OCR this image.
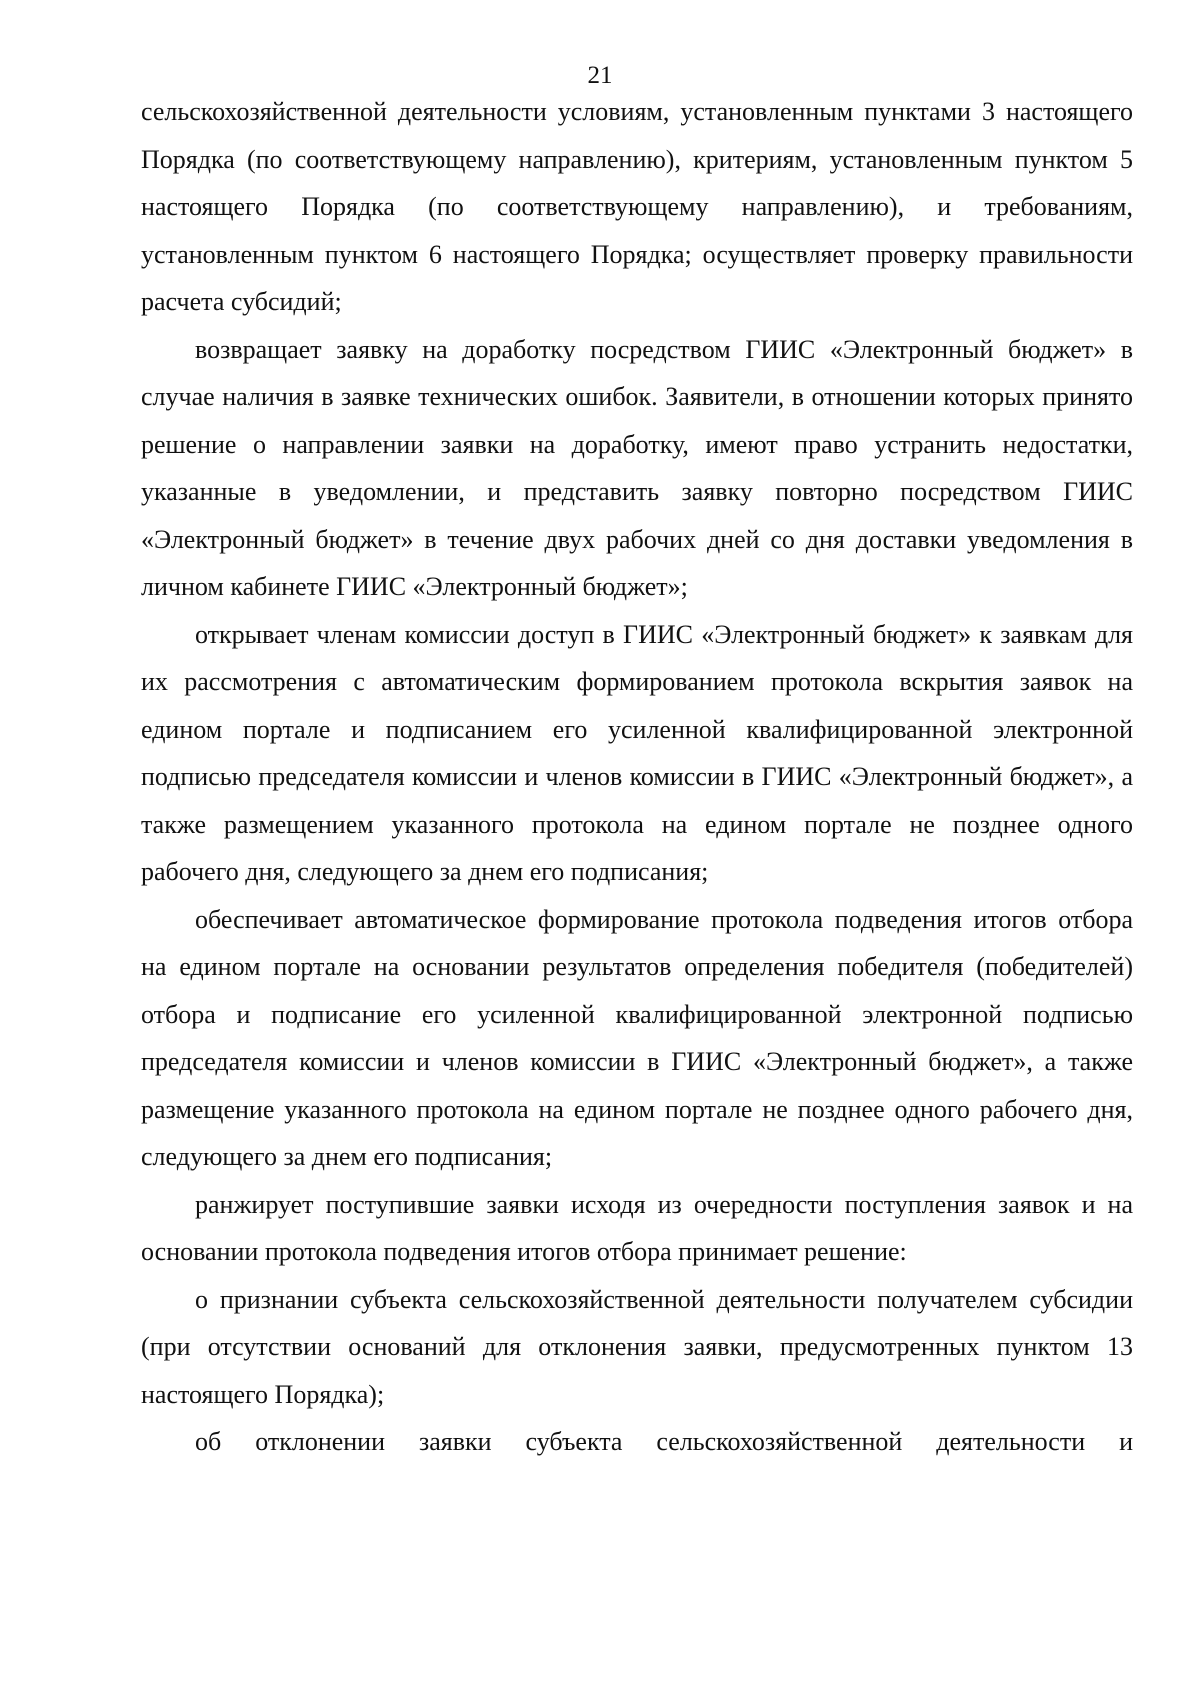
21

сельскохозяйственной деятельности условиям, установленным пунктами 3 настоящего Порядка (по соответствующему направлению), критериям, установленным пунктом 5 настоящего Порядка (по соответствующему направлению), и требованиям, установленным пунктом 6 настоящего Порядка; осуществляет проверку правильности расчета субсидий;

возвращает заявку на доработку посредством ГИИС «Электронный бюджет» в случае наличия в заявке технических ошибок. Заявители, в отношении которых принято решение о направлении заявки на доработку, имеют право устранить недостатки, указанные в уведомлении, и представить заявку повторно посредством ГИИС «Электронный бюджет» в течение двух рабочих дней со дня доставки уведомления в личном кабинете ГИИС «Электронный бюджет»;

открывает членам комиссии доступ в ГИИС «Электронный бюджет» к заявкам для их рассмотрения с автоматическим формированием протокола вскрытия заявок на едином портале и подписанием его усиленной квалифицированной электронной подписью председателя комиссии и членов комиссии в ГИИС «Электронный бюджет», а также размещением указанного протокола на едином портале не позднее одного рабочего дня, следующего за днем его подписания;

обеспечивает автоматическое формирование протокола подведения итогов отбора на едином портале на основании результатов определения победителя (победителей) отбора и подписание его усиленной квалифицированной электронной подписью председателя комиссии и членов комиссии в ГИИС «Электронный бюджет», а также размещение указанного протокола на едином портале не позднее одного рабочего дня, следующего за днем его подписания;

ранжирует поступившие заявки исходя из очередности поступления заявок и на основании протокола подведения итогов отбора принимает решение:

о признании субъекта сельскохозяйственной деятельности получателем субсидии (при отсутствии оснований для отклонения заявки, предусмотренных пунктом 13 настоящего Порядка);

об отклонении заявки субъекта сельскохозяйственной деятельности и
